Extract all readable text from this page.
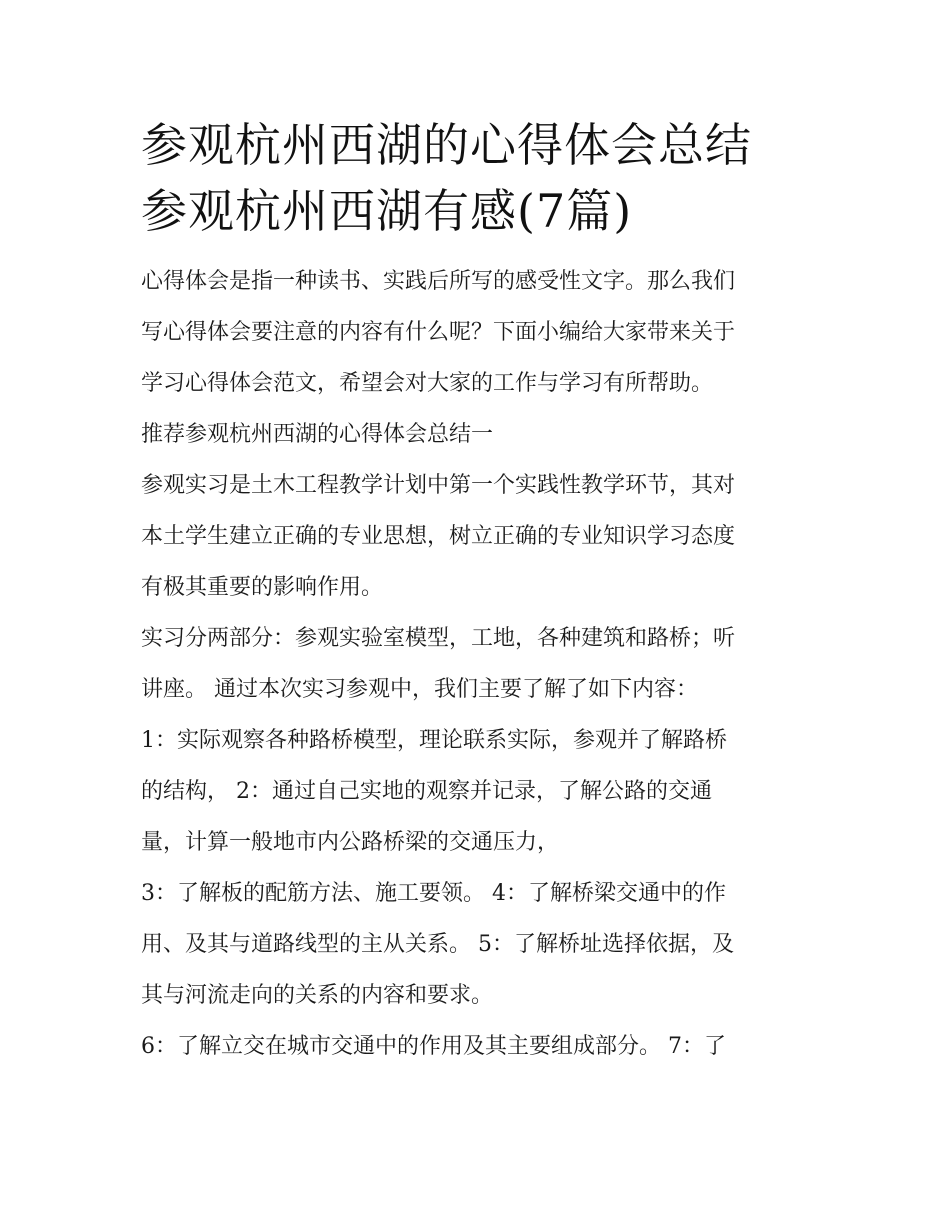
参观杭州西湖的心得体会总结
参观杭州西湖有感(7篇)

心得体会是指一种读书、实践后所写的感受性文字。那么我们
写心得体会要注意的内容有什么呢？下面小编给大家带来关于
学习心得体会范文，希望会对大家的工作与学习有所帮助。

推荐参观杭州西湖的心得体会总结一

参观实习是土木工程教学计划中第一个实践性教学环节，其对
本土学生建立正确的专业思想，树立正确的专业知识学习态度
有极其重要的影响作用。

实习分两部分：参观实验室模型，工地，各种建筑和路桥；听
讲座。 通过本次实习参观中，我们主要了解了如下内容：

1：实际观察各种路桥模型，理论联系实际，参观并了解路桥
的结构， 2：通过自己实地的观察并记录，了解公路的交通
量，计算一般地市内公路桥梁的交通压力，

3：了解板的配筋方法、施工要领。 4：了解桥梁交通中的作
用、及其与道路线型的主从关系。 5：了解桥址选择依据，及
其与河流走向的关系的内容和要求。

6：了解立交在城市交通中的作用及其主要组成部分。 7：了
